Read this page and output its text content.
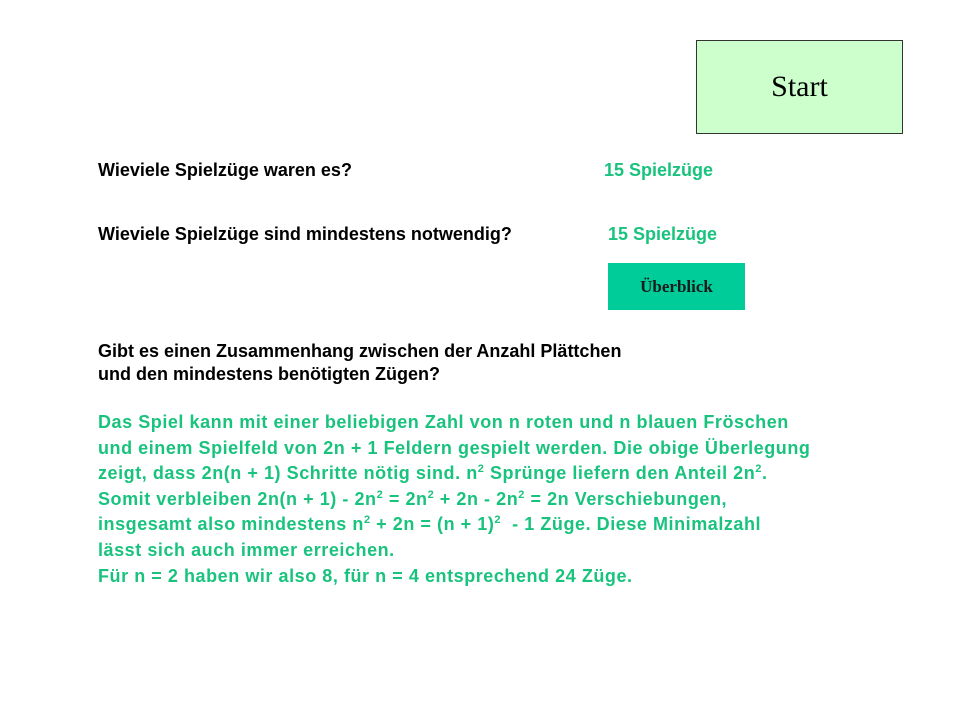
Start
Wieviele Spielzüge waren es?	15 Spielzüge
Wieviele Spielzüge sind mindestens notwendig?	15 Spielzüge
Überblick
Gibt es einen Zusammenhang zwischen der Anzahl Plättchen
und den mindestens benötigten Zügen?
Das Spiel kann mit einer beliebigen Zahl von n roten und n blauen Fröschen
und einem Spielfeld von 2n + 1 Feldern gespielt werden. Die obige Überlegung
zeigt, dass 2n(n + 1) Schritte nötig sind. $n^2$ Sprünge liefern den Anteil $2n^2$.
Somit verbleiben $2n(n + 1) - 2n^2 = 2n^2 + 2n - 2n^2 = 2n$ Verschiebungen,
insgesamt also mindestens $n^2 + 2n = (n + 1)^2 - 1$ Züge. Diese Minimalzahl
lässt sich auch immer erreichen.
Für n = 2 haben wir also 8, für n = 4 entsprechend 24 Züge.
